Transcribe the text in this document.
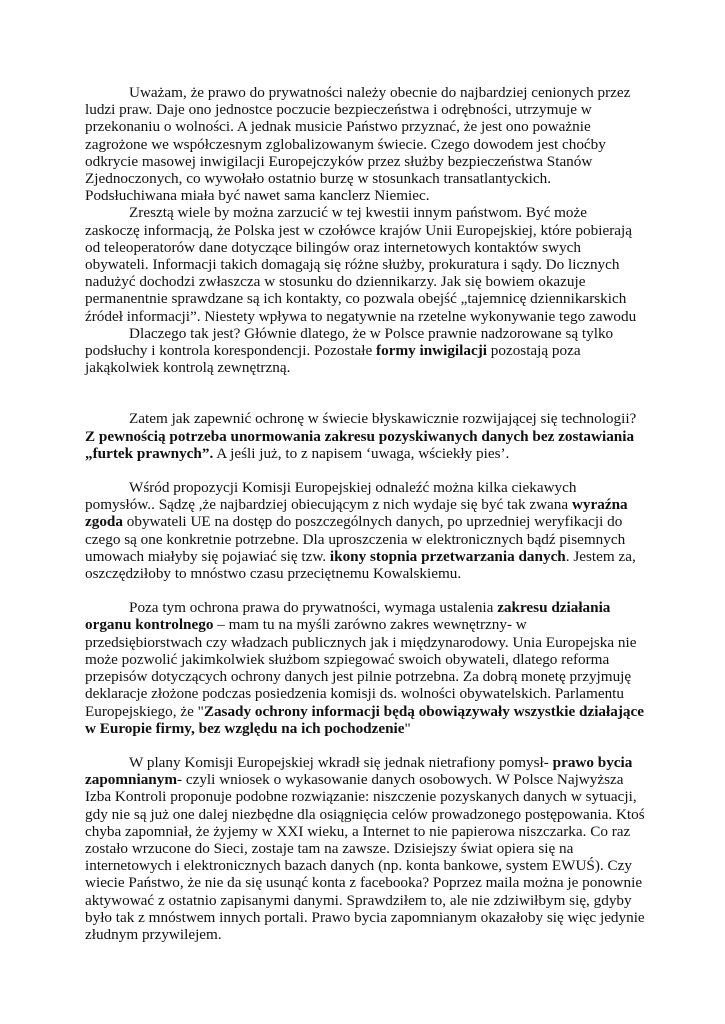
Uważam, że prawo do prywatności należy obecnie do najbardziej cenionych przez ludzi praw. Daje ono jednostce poczucie bezpieczeństwa i odrębności, utrzymuje w przekonaniu o wolności. A jednak musicie Państwo przyznać, że jest ono poważnie zagrożone we współczesnym zglobalizowanym świecie. Czego dowodem jest choćby odkrycie masowej inwigilacji Europejczyków przez służby bezpieczeństwa Stanów Zjednoczonych, co wywołało ostatnio burzę w stosunkach transatlantyckich. Podsłuchiwana miała być nawet sama kanclerz Niemiec.

Zresztą wiele by można zarzucić w tej kwestii innym państwom. Być może zaskoczę informacją, że Polska jest w czołówce krajów Unii Europejskiej, które pobierają od teleoperatorów dane dotyczące bilingów oraz internetowych kontaktów swych obywateli. Informacji takich domagają się różne służby, prokuratura i sądy. Do licznych nadużyć dochodzi zwłaszcza w stosunku do dziennikarzy. Jak się bowiem okazuje permanentnie sprawdzane są ich kontakty, co pozwala obejść „tajemnicę dziennikarskich źródeł informacji”. Niestety wpływa to negatywnie na rzetelne wykonywanie tego zawodu

Dlaczego tak jest? Głównie dlatego, że w Polsce prawnie nadzorowane są tylko podsłuchy i kontrola korespondencji. Pozostałe formy inwigilacji pozostają poza jakąkolwiek kontrolą zewnętrzną.

Zatem jak zapewnić ochronę w świecie błyskawicznie rozwijającej się technologii? Z pewnością potrzeba unormowania zakresu pozyskiwanych danych bez zostawiania „furtek prawnych”. A jeśli już, to z napisem ‘uwaga, wściekły pies’.

Wśród propozycji Komisji Europejskiej odnaleźć można kilka ciekawych pomysłów.. Sądzę ,że najbardziej obiecującym z nich wydaje się być tak zwana wyraźna zgoda obywateli UE na dostęp do poszczególnych danych, po uprzedniej weryfikacji do czego są one konkretnie potrzebne. Dla uproszczenia w elektronicznych bądź pisemnych umowach miałyby się pojawiać się tzw. ikony stopnia przetwarzania danych. Jestem za, oszczędziłoby to mnóstwo czasu przeciętnemu Kowalskiemu.

Poza tym ochrona prawa do prywatności, wymaga ustalenia zakresu działania organu kontrolnego – mam tu na myśli zarówno zakres wewnętrzny- w przedsiębiorstwach czy władzach publicznych jak i międzynarodowy. Unia Europejska nie może pozwolić jakimkolwiek służbom szpiegować swoich obywateli, dlatego reforma przepisów dotyczących ochrony danych jest pilnie potrzebna. Za dobrą monetę przyjmuję deklaracje złożone podczas posiedzenia komisji ds. wolności obywatelskich. Parlamentu Europejskiego, że "Zasady ochrony informacji będą obowiązywały wszystkie działające w Europie firmy, bez względu na ich pochodzenie"

W plany Komisji Europejskiej wkradł się jednak nietrafiony pomysł- prawo bycia zapomnianym- czyli wniosek o wykasowanie danych osobowych. W Polsce Najwyższa Izba Kontroli proponuje podobne rozwiązanie: niszczenie pozyskanych danych w sytuacji, gdy nie są już one dalej niezbędne dla osiągnięcia celów prowadzonego postępowania. Ktoś chyba zapomniał, że żyjemy w XXI wieku, a Internet to nie papierowa niszczarka. Co raz zostało wrzucone do Sieci, zostaje tam na zawsze. Dzisiejszy świat opiera się na internetowych i elektronicznych bazach danych (np. konta bankowe, system EWUŚ). Czy wiecie Państwo, że nie da się usunąć konta z facebooka? Poprzez maila można je ponownie aktywować z ostatnio zapisanymi danymi. Sprawdziłem to, ale nie zdziwiłbym się, gdyby było tak z mnóstwem innych portali. Prawo bycia zapomnianym okazałoby się więc jedynie złudnym przywilejem.
